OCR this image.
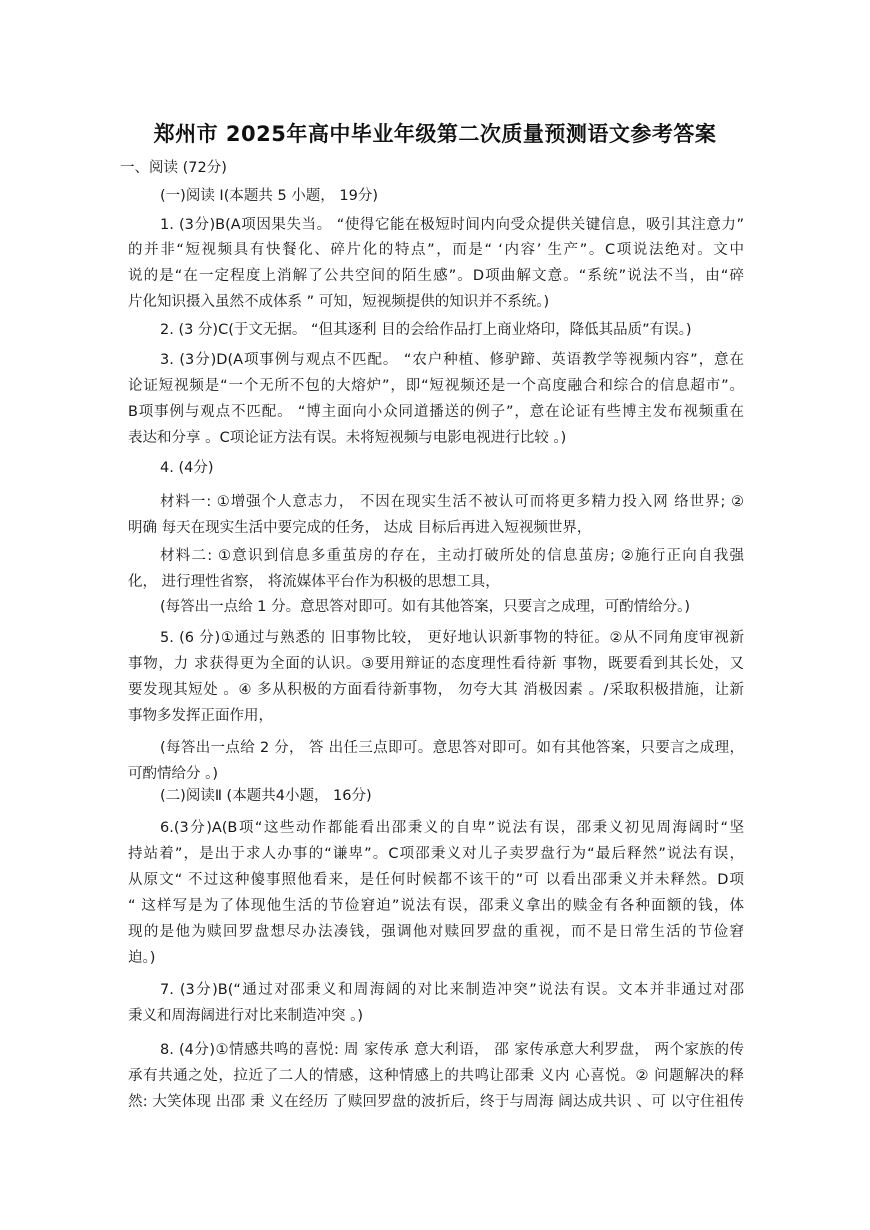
郑州市 2025年高中毕业年级第二次质量预测语文参考答案
一、阅读 (72分)
(一)阅读 I(本题共 5 小题， 19分)
1. (3分)B(A项因果失当。 “使得它能在极短时间内向受众提供关键信息，吸引其注意力”
的并非“短视频具有快餐化、碎片化的特点”，而是“ ‘内容’ 生产”。C项说法绝对。文中
说的是“在一定程度上消解了公共空间的陌生感”。D项曲解文意。“系统”说法不当，由“碎
片化知识摄入虽然不成体系 ” 可知，短视频提供的知识并不系统。)
2. (3 分)C(于文无据。 “但其逐利 目的会给作品打上商业烙印，降低其品质”有误。)
3. (3分)D(A项事例与观点不匹配。 “农户种植、修驴蹄、英语教学等视频内容”，意在
论证短视频是“一个无所不包的大熔炉”，即“短视频还是一个高度融合和综合的信息超市”。
B项事例与观点不匹配。 “博主面向小众同道播送的例子”，意在论证有些博主发布视频重在
表达和分享 。C项论证方法有误。未将短视频与电影电视进行比较 。)
4. (4分)
材料一: ①增强个人意志力， 不因在现实生活不被认可而将更多精力投入网 络世界; ②
明确 每天在现实生活中要完成的任务， 达成 目标后再进入短视频世界，
材料二: ①意识到信息多重茧房的存在，主动打破所处的信息茧房; ②施行正向自我强
化， 进行理性省察， 将流媒体平台作为积极的思想工具，
(每答出一点给 1 分。意思答对即可。如有其他答案，只要言之成理，可酌情给分。)
5. (6 分)①通过与熟悉的 旧事物比较， 更好地认识新事物的特征。②从不同角度审视新
事物，力 求获得更为全面的认识。③要用辩证的态度理性看待新 事物，既要看到其长处，又
要发现其短处 。④ 多从积极的方面看待新事物， 勿夸大其 消极因素 。/采取积极措施，让新
事物多发挥正面作用，
(每答出一点给 2 分， 答 出任三点即可。意思答对即可。如有其他答案，只要言之成理，
可酌情给分 。)
(二)阅读Ⅱ (本题共4小题， 16分)
6.(3分)A(B项“这些动作都能看出邵秉义的自卑”说法有误，邵秉义初见周海阔时“坚
持站着”，是出于求人办事的“谦卑”。C项邵秉义对儿子卖罗盘行为“最后释然”说法有误，
从原文“ 不过这种傻事照他看来，是任何时候都不该干的”可 以看出邵秉义并未释然。D项
“ 这样写是为了体现他生活的节俭窘迫”说法有误，邵秉义拿出的赎金有各种面额的钱，体
现的是他为赎回罗盘想尽办法凑钱，强调他对赎回罗盘的重视，而不是日常生活的节俭窘
迫。)
7. (3分)B(“通过对邵秉义和周海阔的对比来制造冲突”说法有误。文本并非通过对邵
秉义和周海阔进行对比来制造冲突 。)
8. (4分)①情感共鸣的喜悦: 周 家传承 意大利语， 邵 家传承意大利罗盘， 两个家族的传
承有共通之处，拉近了二人的情感，这种情感上的共鸣让邵秉 义内 心喜悦。② 问题解决的释
然: 大笑体现 出邵 秉 义在经历 了赎回罗盘的波折后，终于与周海 阔达成共识 、可 以守住祖传
